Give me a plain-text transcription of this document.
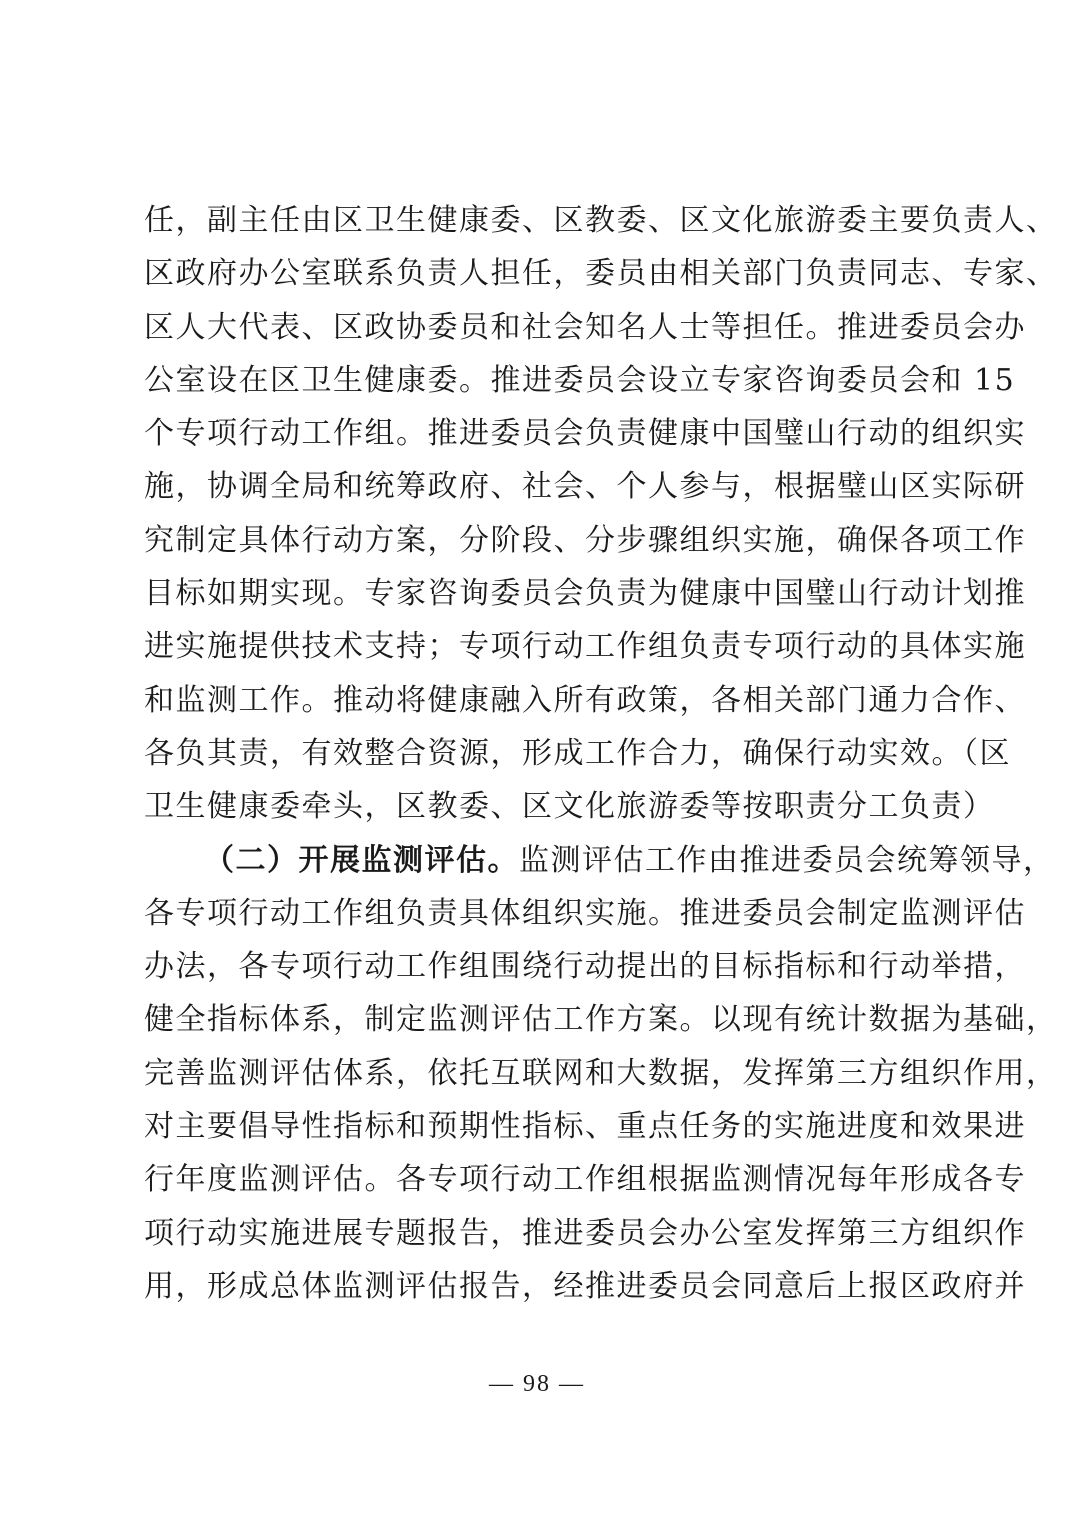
任，副主任由区卫生健康委、区教委、区文化旅游委主要负责人、
区政府办公室联系负责人担任，委员由相关部门负责同志、专家、
区人大代表、区政协委员和社会知名人士等担任。推进委员会办
公室设在区卫生健康委。推进委员会设立专家咨询委员会和 15
个专项行动工作组。推进委员会负责健康中国璧山行动的组织实
施，协调全局和统筹政府、社会、个人参与，根据璧山区实际研
究制定具体行动方案，分阶段、分步骤组织实施，确保各项工作
目标如期实现。专家咨询委员会负责为健康中国璧山行动计划推
进实施提供技术支持；专项行动工作组负责专项行动的具体实施
和监测工作。推动将健康融入所有政策，各相关部门通力合作、
各负其责，有效整合资源，形成工作合力，确保行动实效。（区
卫生健康委牵头，区教委、区文化旅游委等按职责分工负责）
（二）开展监测评估。监测评估工作由推进委员会统筹领导，
各专项行动工作组负责具体组织实施。推进委员会制定监测评估
办法，各专项行动工作组围绕行动提出的目标指标和行动举措，
健全指标体系，制定监测评估工作方案。以现有统计数据为基础，
完善监测评估体系，依托互联网和大数据，发挥第三方组织作用，
对主要倡导性指标和预期性指标、重点任务的实施进度和效果进
行年度监测评估。各专项行动工作组根据监测情况每年形成各专
项行动实施进展专题报告，推进委员会办公室发挥第三方组织作
用，形成总体监测评估报告，经推进委员会同意后上报区政府并
— 98 —
